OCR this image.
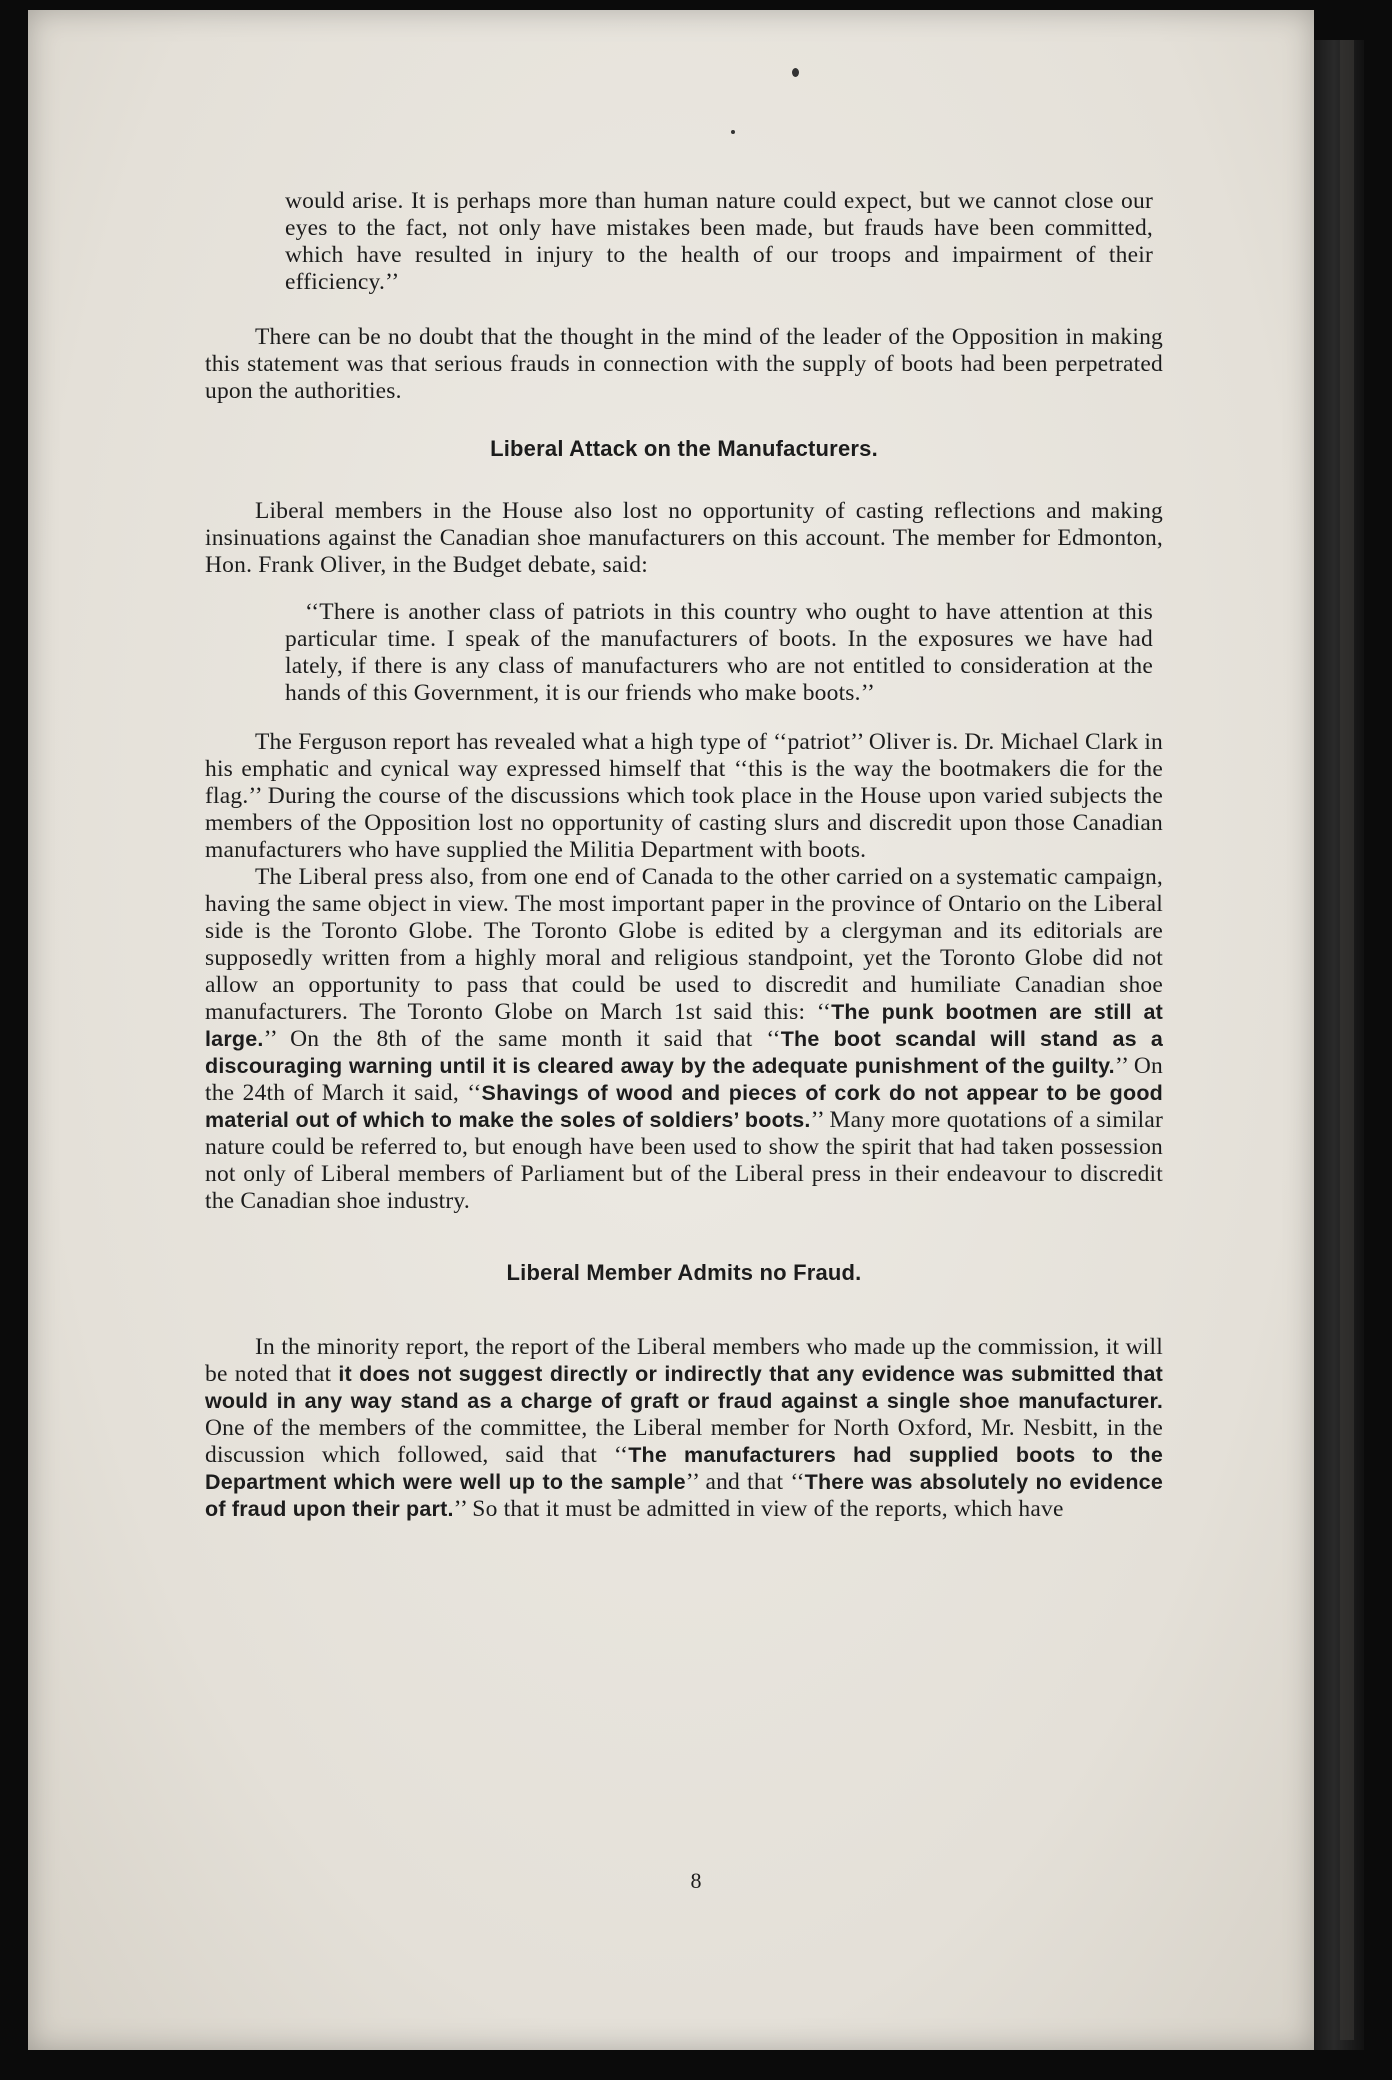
would arise. It is perhaps more than human nature could expect, but we cannot close our eyes to the fact, not only have mistakes been made, but frauds have been committed, which have resulted in injury to the health of our troops and impairment of their efficiency.’’

There can be no doubt that the thought in the mind of the leader of the Opposition in making this statement was that serious frauds in connection with the supply of boots had been perpetrated upon the authorities.

Liberal Attack on the Manufacturers.

Liberal members in the House also lost no opportunity of casting reflections and making insinuations against the Canadian shoe manufacturers on this account. The member for Edmonton, Hon. Frank Oliver, in the Budget debate, said:

‘‘There is another class of patriots in this country who ought to have attention at this particular time. I speak of the manufacturers of boots. In the exposures we have had lately, if there is any class of manufacturers who are not entitled to consideration at the hands of this Government, it is our friends who make boots.’’

The Ferguson report has revealed what a high type of ‘‘patriot’’ Oliver is. Dr. Michael Clark in his emphatic and cynical way expressed himself that ‘‘this is the way the bootmakers die for the flag.’’ During the course of the discussions which took place in the House upon varied subjects the members of the Opposition lost no opportunity of casting slurs and discredit upon those Canadian manufacturers who have supplied the Militia Department with boots.

The Liberal press also, from one end of Canada to the other carried on a systematic campaign, having the same object in view. The most important paper in the province of Ontario on the Liberal side is the Toronto Globe. The Toronto Globe is edited by a clergyman and its editorials are supposedly written from a highly moral and religious standpoint, yet the Toronto Globe did not allow an opportunity to pass that could be used to discredit and humiliate Canadian shoe manufacturers. The Toronto Globe on March 1st said this: ‘‘The punk bootmen are still at large.’’ On the 8th of the same month it said that ‘‘The boot scandal will stand as a discouraging warning until it is cleared away by the adequate punishment of the guilty.’’ On the 24th of March it said, ‘‘Shavings of wood and pieces of cork do not appear to be good material out of which to make the soles of soldiers’ boots.’’ Many more quotations of a similar nature could be referred to, but enough have been used to show the spirit that had taken possession not only of Liberal members of Parliament but of the Liberal press in their endeavour to discredit the Canadian shoe industry.

Liberal Member Admits no Fraud.

In the minority report, the report of the Liberal members who made up the commission, it will be noted that it does not suggest directly or indirectly that any evidence was submitted that would in any way stand as a charge of graft or fraud against a single shoe manufacturer. One of the members of the committee, the Liberal member for North Oxford, Mr. Nesbitt, in the discussion which followed, said that ‘‘The manufacturers had supplied boots to the Department which were well up to the sample’’ and that ‘‘There was absolutely no evidence of fraud upon their part.’’ So that it must be admitted in view of the reports, which have

8
